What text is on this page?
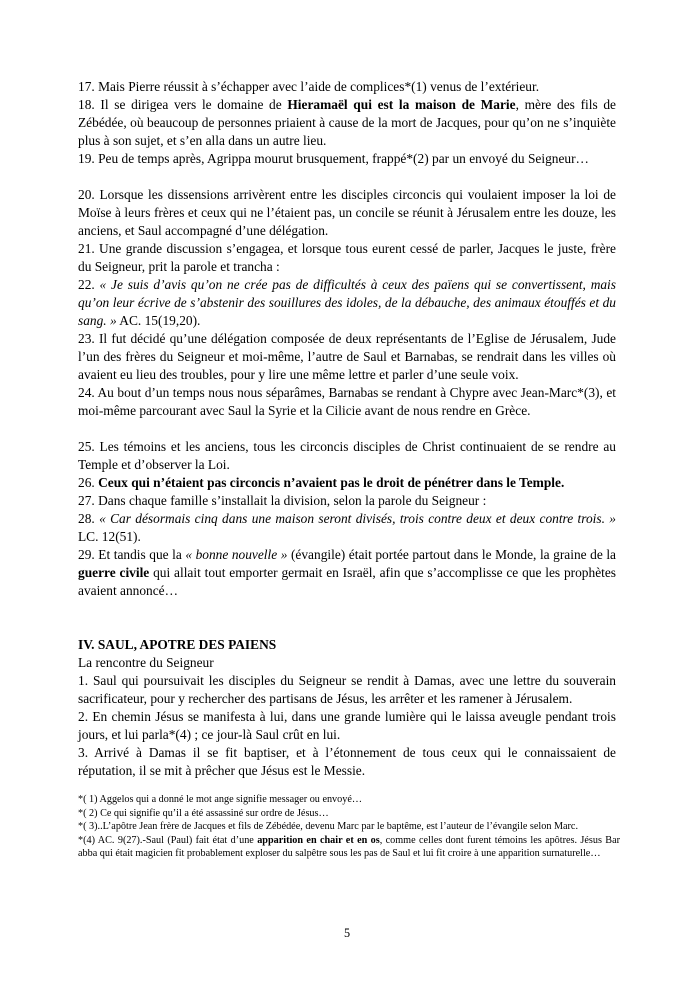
17. Mais Pierre réussit à s’échapper avec l’aide de complices*(1) venus de l’extérieur.

18. Il se dirigea vers le domaine de Hieramaël qui est la maison de Marie, mère des fils de Zébédée, où beaucoup de personnes priaient à cause de la mort de Jacques, pour qu’on ne s’inquiète plus à son sujet, et s’en alla dans un autre lieu.

19. Peu de temps après, Agrippa mourut brusquement, frappé*(2) par un envoyé du Seigneur…

20. Lorsque les dissensions arrivèrent entre les disciples circoncis qui voulaient imposer la loi de Moïse à leurs frères et ceux qui ne l’étaient pas, un concile se réunit à Jérusalem entre les douze, les anciens, et Saul accompagné d’une délégation.

21. Une grande discussion s’engagea, et lorsque tous eurent cessé de parler, Jacques le juste, frère du Seigneur, prit la parole et trancha :

22. « Je suis d’avis qu’on ne crée pas de difficultés à ceux des païens qui se convertissent, mais qu’on leur écrive de s’abstenir des souillures des idoles, de la débauche, des animaux étouffés et du sang. » AC. 15(19,20).

23. Il fut décidé qu’une délégation composée de deux représentants de l’Eglise de Jérusalem, Jude l’un des frères du Seigneur et moi-même, l’autre de Saul et Barnabas, se rendrait dans les villes où avaient eu lieu des troubles, pour y lire une même lettre et parler d’une seule voix.

24. Au bout d’un temps nous nous séparâmes, Barnabas se rendant à Chypre avec Jean-Marc*(3), et moi-même parcourant avec Saul la Syrie et la Cilicie avant de nous rendre en Grèce.

25. Les témoins et les anciens, tous les circoncis disciples de Christ continuaient de se rendre au Temple et d’observer la Loi.

26. Ceux qui n’étaient pas circoncis n’avaient pas le droit de pénétrer dans le Temple.

27. Dans chaque famille s’installait la division, selon la parole du Seigneur :

28. « Car désormais cinq dans une maison seront divisés, trois contre deux et deux contre trois. » LC. 12(51).

29. Et tandis que la « bonne nouvelle » (évangile) était portée partout dans le Monde, la graine de la guerre civile qui allait tout emporter germait en Israël, afin que s’accomplisse ce que les prophètes avaient annoncé…

IV. SAUL, APOTRE DES PAIENS

La rencontre du Seigneur

1. Saul qui poursuivait les disciples du Seigneur se rendit à Damas, avec une lettre du souverain sacrificateur, pour y rechercher des partisans de Jésus, les arrêter et les ramener à Jérusalem.

2. En chemin Jésus se manifesta à lui, dans une grande lumière qui le laissa aveugle pendant trois jours, et lui parla*(4) ; ce jour-là Saul crût en lui.

3. Arrivé à Damas il se fit baptiser, et à l’étonnement de tous ceux qui le connaissaient de réputation, il se mit à prêcher que Jésus est le Messie.

*( 1) Aggelos qui a donné le mot ange signifie messager ou envoyé…

*( 2) Ce qui signifie qu’il a été assassiné sur ordre de Jésus…

*( 3)..L’apôtre Jean frère de Jacques et fils de Zébédée, devenu Marc par le baptême, est l’auteur de l’évangile selon Marc.

*(4) AC. 9(27).-Saul (Paul) fait état d’une apparition en chair et en os, comme celles dont furent témoins les apôtres. Jésus Bar abba qui était magicien fit probablement exploser du salpêtre sous les pas de Saul et lui fit croire à une apparition surnaturelle…

5
